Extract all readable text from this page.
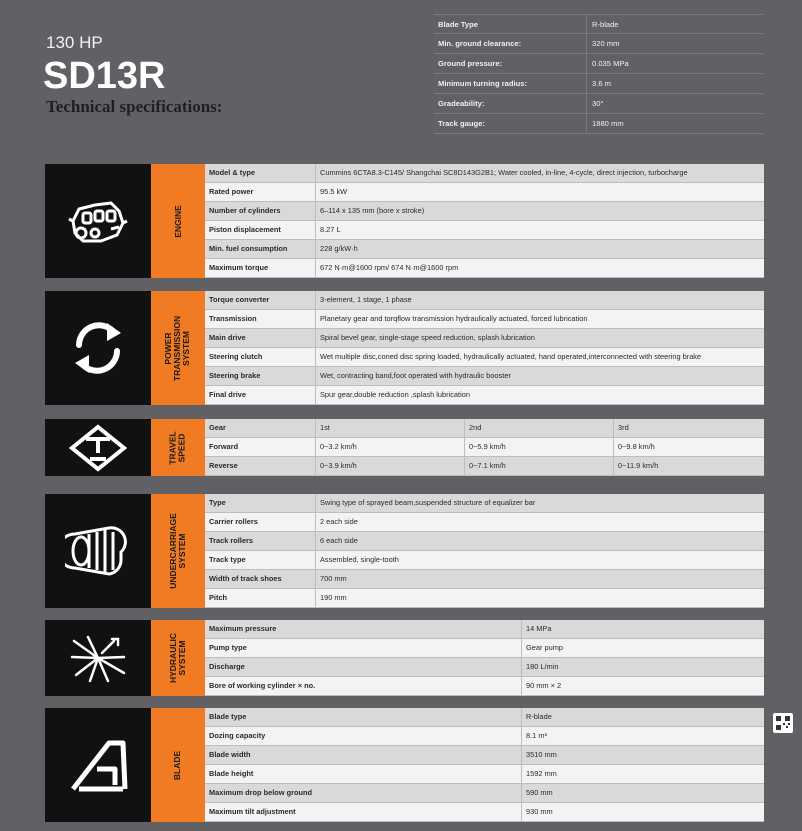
130 HP
SD13R
Technical specifications:
Blade Type	R-blade
Min. ground clearance:	320 mm
Ground pressure:	0.035 MPa
Minimum turning radius:	3.6 m
Gradeability:	30°
Track gauge:	1880 mm
ENGINE
Model & type	Cummins 6CTA8.3-C145/ Shangchai SC8D143G2B1; Water cooled, in-line, 4-cycle, direct injection, turbocharge
Rated power	95.5 kW
Number of cylinders	6–114 x 135 mm (bore x stroke)
Piston displacement	8.27 L
Min. fuel consumption	228 g/kW·h
Maximum torque	672 N·m@1600 rpm/ 674 N·m@1600 rpm
POWER TRANSMISSION SYSTEM
Torque converter	3-element, 1 stage, 1 phase
Transmission	Planetary gear and torqflow transmission hydraulically actuated, forced lubrication
Main drive	Spiral bevel gear, single-stage speed reduction, splash lubrication
Steering clutch	Wet multiple disc,coned disc spring loaded, hydraulically actuated, hand operated,interconnected with steering brake
Steering brake	Wet, contracting band,foot operated with hydraulic booster
Final drive	Spur gear,double reduction ,splash lubrication
TRAVEL SPEED
Gear	1st	2nd	3rd
Forward	0~3.2 km/h	0~5.9 km/h	0~9.8 km/h
Reverse	0~3.9 km/h	0~7.1 km/h	0~11.9 km/h
UNDERCARRIAGE SYSTEM
Type	Swing type of sprayed beam,suspended structure of equalizer bar
Carrier rollers	2 each side
Track rollers	6 each side
Track type	Assembled, single-tooth
Width of track shoes	700 mm
Pitch	190 mm
HYDRAULIC SYSTEM
Maximum pressure	14 MPa
Pump type	Gear pump
Discharge	180 L/min
Bore of working cylinder × no.	90 mm × 2
BLADE
Blade type	R-blade
Dozing capacity	8.1 m³
Blade width	3510 mm
Blade height	1592 mm
Maximum drop below ground	590 mm
Maximum tilt adjustment	930 mm
